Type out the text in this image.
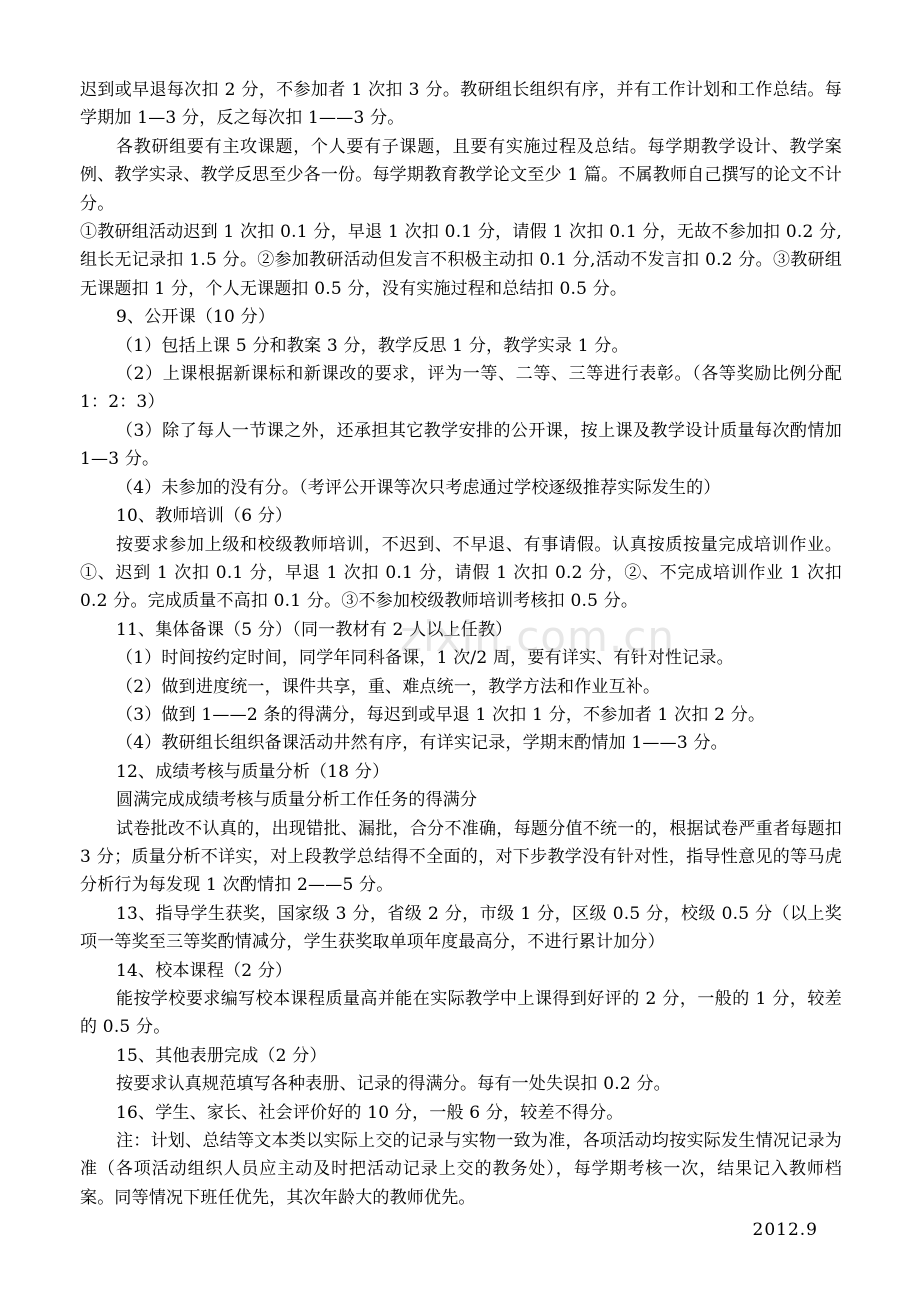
迟到或早退每次扣 2 分，不参加者 1 次扣 3 分。教研组长组织有序，并有工作计划和工作总结。每学期加 1—3 分，反之每次扣 1——3 分。

各教研组要有主攻课题，个人要有子课题，且要有实施过程及总结。每学期教学设计、教学案例、教学实录、教学反思至少各一份。每学期教育教学论文至少 1 篇。不属教师自己撰写的论文不计分。

①教研组活动迟到 1 次扣 0.1 分，早退 1 次扣 0.1 分，请假 1 次扣 0.1 分，无故不参加扣 0.2 分,组长无记录扣 1.5 分。②参加教研活动但发言不积极主动扣 0.1 分,活动不发言扣 0.2 分。③教研组无课题扣 1 分，个人无课题扣 0.5 分，没有实施过程和总结扣 0.5 分。

9、公开课（10 分）

（1）包括上课 5 分和教案 3 分，教学反思 1 分，教学实录 1 分。

（2）上课根据新课标和新课改的要求，评为一等、二等、三等进行表彰。（各等奖励比例分配 1：2：3）

（3）除了每人一节课之外，还承担其它教学安排的公开课，按上课及教学设计质量每次酌情加 1—3 分。

（4）未参加的没有分。（考评公开课等次只考虑通过学校逐级推荐实际发生的）

10、教师培训（6 分）

按要求参加上级和校级教师培训，不迟到、不早退、有事请假。认真按质按量完成培训作业。①、迟到 1 次扣 0.1 分，早退 1 次扣 0.1 分，请假 1 次扣 0.2 分，②、不完成培训作业 1 次扣 0.2 分。完成质量不高扣 0.1 分。③不参加校级教师培训考核扣 0.5 分。

11、集体备课（5 分）（同一教材有 2 人以上任教）

（1）时间按约定时间，同学年同科备课，1 次/2 周，要有详实、有针对性记录。

（2）做到进度统一，课件共享，重、难点统一，教学方法和作业互补。

（3）做到 1——2 条的得满分，每迟到或早退 1 次扣 1 分，不参加者 1 次扣 2 分。

（4）教研组长组织备课活动井然有序，有详实记录，学期末酌情加 1——3 分。

12、成绩考核与质量分析（18 分）

圆满完成成绩考核与质量分析工作任务的得满分

试卷批改不认真的，出现错批、漏批，合分不准确，每题分值不统一的，根据试卷严重者每题扣 3 分；质量分析不详实，对上段教学总结得不全面的，对下步教学没有针对性，指导性意见的等马虎分析行为每发现 1 次酌情扣 2——5 分。

13、指导学生获奖，国家级 3 分，省级 2 分，市级 1 分，区级 0.5 分，校级 0.5 分（以上奖项一等奖至三等奖酌情减分，学生获奖取单项年度最高分，不进行累计加分）

14、校本课程（2 分）

能按学校要求编写校本课程质量高并能在实际教学中上课得到好评的 2 分，一般的 1 分，较差的 0.5 分。

15、其他表册完成（2 分）

按要求认真规范填写各种表册、记录的得满分。每有一处失误扣 0.2 分。

16、学生、家长、社会评价好的 10 分，一般 6 分，较差不得分。

注：计划、总结等文本类以实际上交的记录与实物一致为准，各项活动均按实际发生情况记录为准（各项活动组织人员应主动及时把活动记录上交的教务处），每学期考核一次，结果记入教师档案。同等情况下班任优先，其次年龄大的教师优先。

2012.9

zixin.com.cn
